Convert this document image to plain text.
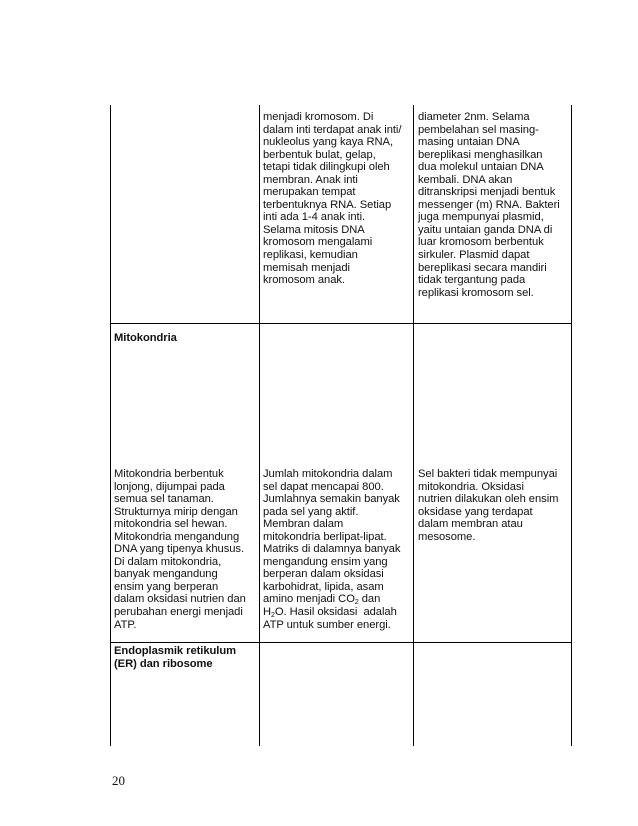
menjadi kromosom. Di
dalam inti terdapat anak inti/
nukleolus yang kaya RNA,
berbentuk bulat, gelap,
tetapi tidak dilingkupi oleh
membran. Anak inti
merupakan tempat
terbentuknya RNA. Setiap
inti ada 1-4 anak inti.
Selama mitosis DNA
kromosom mengalami
replikasi, kemudian
memisah menjadi
kromosom anak.
diameter 2nm. Selama
pembelahan sel masing-
masing untaian DNA
bereplikasi menghasilkan
dua molekul untaian DNA
kembali. DNA akan
ditranskripsi menjadi bentuk
messenger (m) RNA. Bakteri
juga mempunyai plasmid,
yaitu untaian ganda DNA di
luar kromosom berbentuk
sirkuler. Plasmid dapat
bereplikasi secara mandiri
tidak tergantung pada
replikasi kromosom sel.
Mitokondria
Mitokondria berbentuk
lonjong, dijumpai pada
semua sel tanaman.
Strukturnya mirip dengan
mitokondria sel hewan.
Mitokondria mengandung
DNA yang tipenya khusus.
Di dalam mitokondria,
banyak mengandung
ensim yang berperan
dalam oksidasi nutrien dan
perubahan energi menjadi
ATP.
Jumlah mitokondria dalam
sel dapat mencapai 800.
Jumlahnya semakin banyak
pada sel yang aktif.
Membran dalam
mitokondria berlipat-lipat.
Matriks di dalamnya banyak
mengandung ensim yang
berperan dalam oksidasi
karbohidrat, lipida, asam
amino menjadi $CO_2$ dan
$H_2O$. Hasil oksidasi  adalah
ATP untuk sumber energi.
Sel bakteri tidak mempunyai
mitokondria. Oksidasi
nutrien dilakukan oleh ensim
oksidase yang terdapat
dalam membran atau
mesosome.
Endoplasmik retikulum
(ER) dan ribosome
20
